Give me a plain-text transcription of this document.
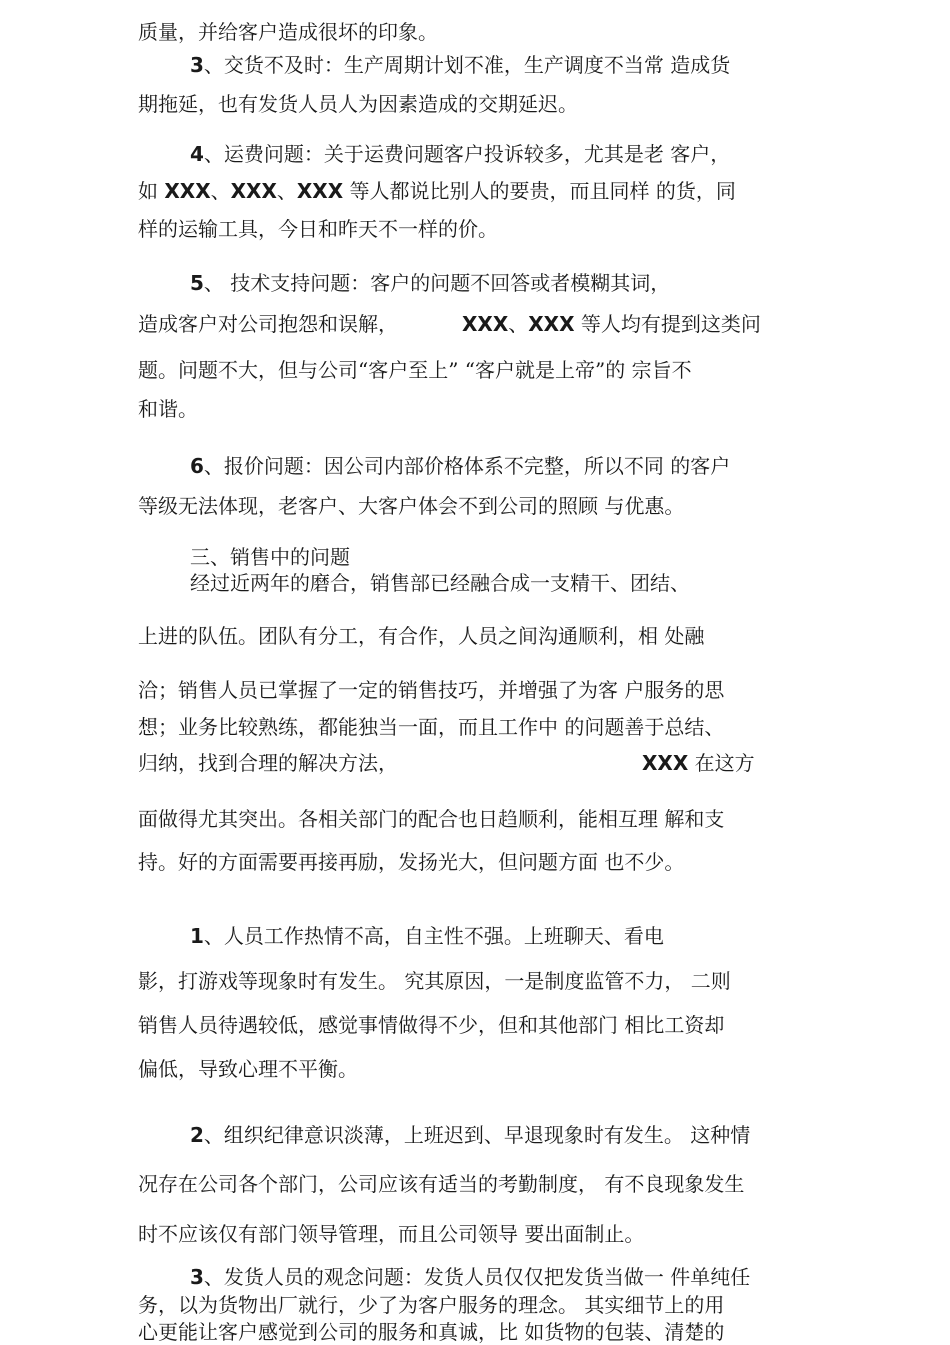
质量，并给客户造成很坏的印象。
3、交货不及时：生产周期计划不准，生产调度不当常 造成货
期拖延，也有发货人员人为因素造成的交期延迟。
4、运费问题：关于运费问题客户投诉较多，尤其是老 客户，
如 XXX、XXX、XXX 等人都说比别人的要贵，而且同样 的货，同
样的运输工具，今日和昨天不一样的价。
5、 技术支持问题：客户的问题不回答或者模糊其词，
造成客户对公司抱怨和误解，	XXX、XXX 等人均有提到这类问
题。问题不大，但与公司“客户至上” “客户就是上帝”的 宗旨不
和谐。
6、报价问题：因公司内部价格体系不完整，所以不同 的客户
等级无法体现，老客户、大客户体会不到公司的照顾 与优惠。
三、销售中的问题
经过近两年的磨合，销售部已经融合成一支精干、团结、
上进的队伍。团队有分工，有合作，人员之间沟通顺利，相 处融
洽；销售人员已掌握了一定的销售技巧，并增强了为客 户服务的思
想；业务比较熟练，都能独当一面，而且工作中 的问题善于总结、
归纳，找到合理的解决方法，	XXX 在这方
面做得尤其突出。各相关部门的配合也日趋顺利，能相互理 解和支
持。好的方面需要再接再励，发扬光大，但问题方面 也不少。
1、人员工作热情不高，自主性不强。上班聊天、看电
影，打游戏等现象时有发生。 究其原因，一是制度监管不力， 二则
销售人员待遇较低，感觉事情做得不少，但和其他部门 相比工资却
偏低，导致心理不平衡。
2、组织纪律意识淡薄，上班迟到、早退现象时有发生。 这种情
况存在公司各个部门，公司应该有适当的考勤制度， 有不良现象发生
时不应该仅有部门领导管理，而且公司领导 要出面制止。
3、发货人员的观念问题：发货人员仅仅把发货当做一 件单纯任
务，以为货物出厂就行，少了为客户服务的理念。 其实细节上的用
心更能让客户感觉到公司的服务和真诚，比 如货物的包装、清楚的
